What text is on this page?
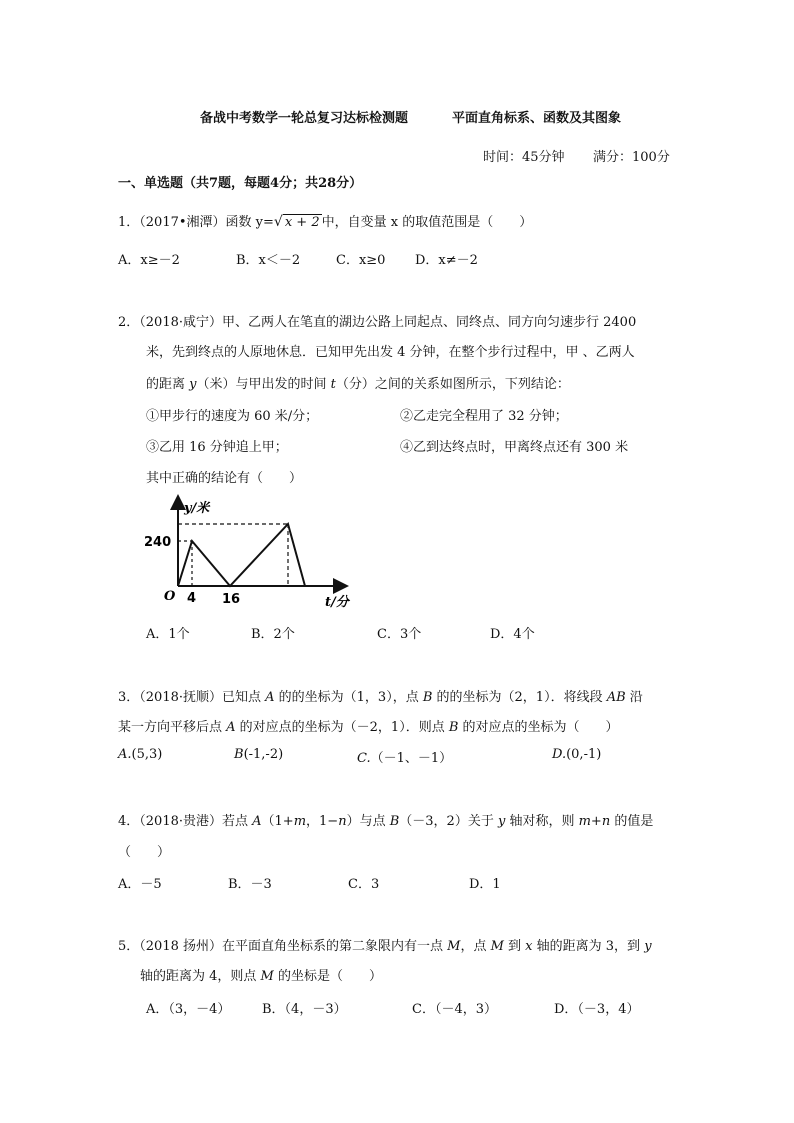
备战中考数学一轮总复习达标检测题	平面直角标系、函数及其图象
时间：45分钟 满分：100分
一、单选题（共7题，每题4分；共28分）
1．（2017•湘潭）函数 y=√ x + 2 中，自变量 x 的取值范围是（　　）
A．x≥－2	B．x＜－2	C．x≥0 D．x≠－2
2．（2018·咸宁）甲、乙两人在笔直的湖边公路上同起点、同终点、同方向匀速步行 2400
米，先到终点的人原地休息．已知甲先出发 4 分钟，在整个步行过程中，甲 、乙两人
的距离 y（米）与甲出发的时间 t（分）之间的关系如图所示，下列结论：
①甲步行的速度为 60 米/分；	②乙走完全程用了 32 分钟；
③乙用 16 分钟追上甲；	④乙到达终点时，甲离终点还有 300 米
其中正确的结论有（　　）
y/米
t/分
O
240
4 16
A．1个	B．2个	C．3个	D．4个
3．（2018·抚顺）已知点 A 的的坐标为（1，3），点 B 的的坐标为（2，1）．将线段 AB 沿
某一方向平移后点 A 的对应点的坐标为（－2，1）．则点 B 的对应点的坐标为（　　）
A.(5,3)	B(-1,-2)	C.（－1、－1）	D.(0,-1)
4．（2018·贵港）若点 A（1+m，1−n）与点 B（－3，2）关于 y 轴对称，则 m+n 的值是
（　　）
A．－5	B．－3	C．3	D．1
5．（2018 扬州）在平面直角坐标系的第二象限内有一点 M，点 M 到 x 轴的距离为 3，到 y
轴的距离为 4，则点 M 的坐标是（　　）
A．（3，－4） B．（4，－3）	C．（－4，3）	D．（－3，4）
